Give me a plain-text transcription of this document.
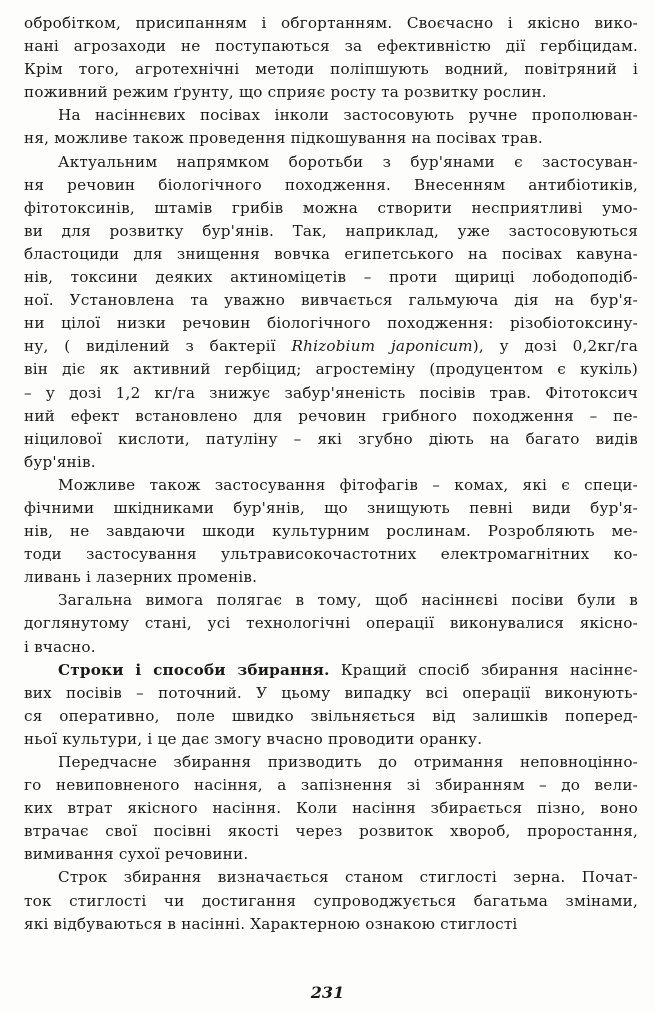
обробітком, присипанням і обгортанням. Своєчасно і якісно вико-
нані агрозаходи не поступаються за ефективністю дії гербіцидам.
Крім того, агротехнічні методи поліпшують водний, повітряний і
поживний режим ґрунту, що сприяє росту та розвитку рослин.
На насіннєвих посівах інколи застосовують ручне прополюван-
ня, можливе також проведення підкошування на посівах трав.
Актуальним напрямком боротьби з бур'янами є застосуван-
ня речовин біологічного походження. Внесенням антибіотиків,
фітотоксинів, штамів грибів можна створити несприятливі умо-
ви для розвитку бур'янів. Так, наприклад, уже застосовуються
бластоциди для знищення вовчка египетського на посівах кавуна-
нів, токсини деяких актиноміцетів – проти щириці лободоподіб-
ної. Установлена та уважно вивчається гальмуюча дія на бур'я-
ни цілої низки речовин біологічного походження: різобіотоксину-
ну, ( виділений з бактерії Rhizobium japonicum), у дозі 0,2кг/га
він діє як активний гербіцид; агростеміну (продуцентом є кукіль)
– у дозі 1,2 кг/га знижує забур'яненість посівів трав. Фітотоксич
ний ефект встановлено для речовин грибного походження – пе-
ніцилової кислоти, патуліну – які згубно діють на багато видів
бур'янів.
Можливе також застосування фітофагів – комах, які є специ-
фічними шкідниками бур'янів, що знищують певні види бур'я-
нів, не завдаючи шкоди культурним рослинам. Розробляють ме-
тоди застосування ультрависокочастотних електромагнітних ко-
ливань і лазерних променів.
Загальна вимога полягає в тому, щоб насіннєві посіви були в
доглянутому стані, усі технологічні операції виконувалися якісно-
і вчасно.
Строки і способи збирання. Кращий спосіб збирання насіннє-
вих посівів – поточний. У цьому випадку всі операції виконують-
ся оперативно, поле швидко звільняється від залишків поперед-
ньої культури, і це дає змогу вчасно проводити оранку.
Передчасне збирання призводить до отримання неповноцінно-
го невиповненого насіння, а запізнення зі збиранням – до вели-
ких втрат якісного насіння. Коли насіння збирається пізно, воно
втрачає свої посівні якості через розвиток хвороб, проростання,
вимивання сухої речовини.
Строк збирання визначається станом стиглості зерна. Почат-
ток стиглості чи достигання супроводжується багатьма змінами,
які відбуваються в насінні. Характерною ознакою стиглості
231
